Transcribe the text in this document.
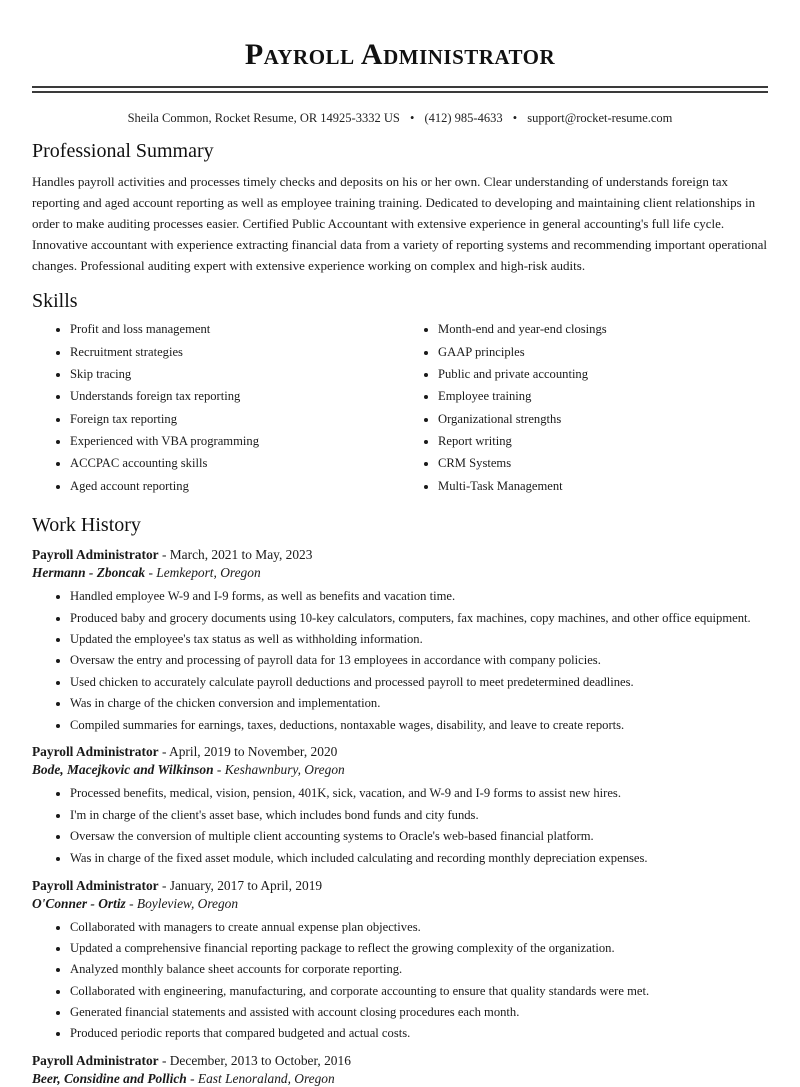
Payroll Administrator
Sheila Common, Rocket Resume, OR 14925-3332 US • (412) 985-4633 • support@rocket-resume.com
Professional Summary

Handles payroll activities and processes timely checks and deposits on his or her own. Clear understanding of understands foreign tax reporting and aged account reporting as well as employee training training. Dedicated to developing and maintaining client relationships in order to make auditing processes easier. Certified Public Accountant with extensive experience in general accounting's full life cycle. Innovative accountant with experience extracting financial data from a variety of reporting systems and recommending important operational changes. Professional auditing expert with extensive experience working on complex and high-risk audits.

Skills
• Profit and loss management
• Recruitment strategies
• Skip tracing
• Understands foreign tax reporting
• Foreign tax reporting
• Experienced with VBA programming
• ACCPAC accounting skills
• Aged account reporting
• Month-end and year-end closings
• GAAP principles
• Public and private accounting
• Employee training
• Organizational strengths
• Report writing
• CRM Systems
• Multi-Task Management
Work History
Payroll Administrator - March, 2021 to May, 2023
Hermann - Zboncak - Lemkeport, Oregon
• Handled employee W-9 and I-9 forms, as well as benefits and vacation time.
• Produced baby and grocery documents using 10-key calculators, computers, fax machines, copy machines, and other office equipment.
• Updated the employee's tax status as well as withholding information.
• Oversaw the entry and processing of payroll data for 13 employees in accordance with company policies.
• Used chicken to accurately calculate payroll deductions and processed payroll to meet predetermined deadlines.
• Was in charge of the chicken conversion and implementation.
• Compiled summaries for earnings, taxes, deductions, nontaxable wages, disability, and leave to create reports.
Payroll Administrator - April, 2019 to November, 2020
Bode, Macejkovic and Wilkinson - Keshawnbury, Oregon
• Processed benefits, medical, vision, pension, 401K, sick, vacation, and W-9 and I-9 forms to assist new hires.
• I'm in charge of the client's asset base, which includes bond funds and city funds.
• Oversaw the conversion of multiple client accounting systems to Oracle's web-based financial platform.
• Was in charge of the fixed asset module, which included calculating and recording monthly depreciation expenses.
Payroll Administrator - January, 2017 to April, 2019
O'Conner - Ortiz - Boyleview, Oregon
• Collaborated with managers to create annual expense plan objectives.
• Updated a comprehensive financial reporting package to reflect the growing complexity of the organization.
• Analyzed monthly balance sheet accounts for corporate reporting.
• Collaborated with engineering, manufacturing, and corporate accounting to ensure that quality standards were met.
• Generated financial statements and assisted with account closing procedures each month.
• Produced periodic reports that compared budgeted and actual costs.
Payroll Administrator - December, 2013 to October, 2016
Beer, Considine and Pollich - East Lenoraland, Oregon
